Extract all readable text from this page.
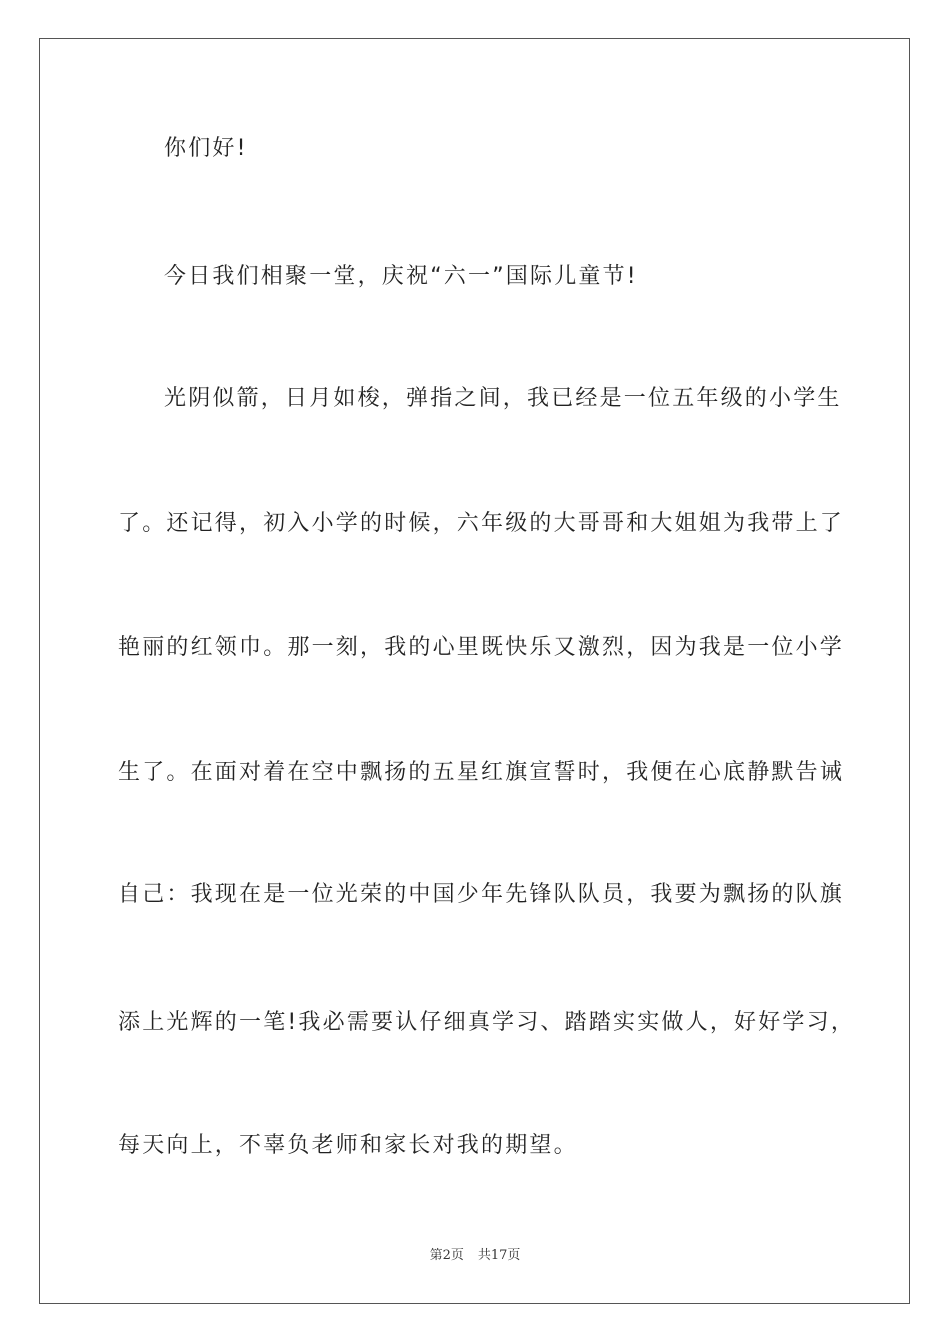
你们好!
今日我们相聚一堂，庆祝“六一”国际儿童节!
光阴似箭，日月如梭，弹指之间，我已经是一位五年级的小学生
了。还记得，初入小学的时候，六年级的大哥哥和大姐姐为我带上了
艳丽的红领巾。那一刻，我的心里既快乐又激烈，因为我是一位小学
生了。在面对着在空中飘扬的五星红旗宣誓时，我便在心底静默告诫
自己：我现在是一位光荣的中国少年先锋队队员，我要为飘扬的队旗
添上光辉的一笔!我必需要认仔细真学习、踏踏实实做人，好好学习，
每天向上，不辜负老师和家长对我的期望。
第2页 共17页
